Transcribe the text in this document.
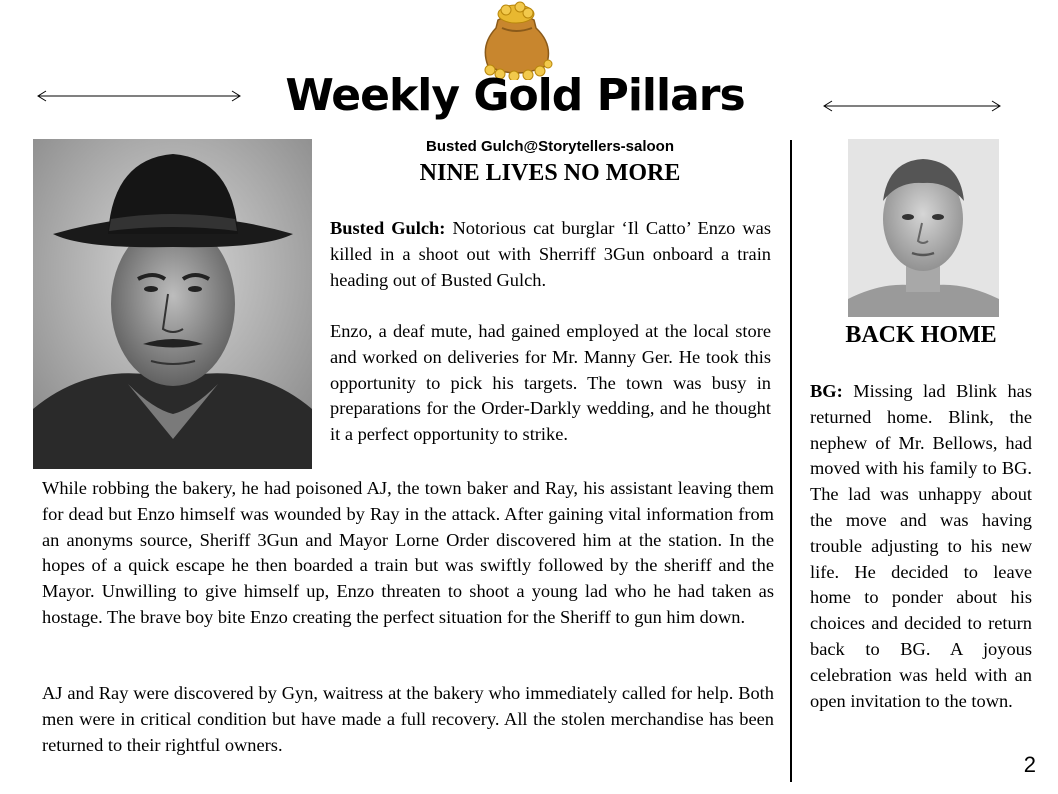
Weekly Gold Pillars
Busted Gulch@Storytellers-saloon
NINE LIVES NO MORE

Busted Gulch: Notorious cat burglar ‘Il Catto’ Enzo was killed in a shoot out with Sherriff 3Gun onboard a train heading out of Busted Gulch.

Enzo, a deaf mute, had gained employed at the local store and worked on deliveries for Mr. Manny Ger. He took this opportunity to pick his targets. The town was busy in preparations for the Order-Darkly wedding, and he thought it a perfect opportunity to strike.

While robbing the bakery, he had poisoned AJ, the town baker and Ray, his assistant leaving them for dead but Enzo himself was wounded by Ray in the attack. After gaining vital information from an anonyms source, Sheriff 3Gun and Mayor Lorne Order discovered him at the station. In the hopes of a quick escape he then boarded a train but was swiftly followed by the sheriff and the Mayor. Unwilling to give himself up, Enzo threaten to shoot a young lad who he had taken as hostage. The brave boy bite Enzo creating the perfect situation for the Sheriff to gun him down.

AJ and Ray were discovered by Gyn, waitress at the bakery who immediately called for help. Both men were in critical condition but have made a full recovery. All the stolen merchandise has been returned to their rightful owners.

BACK HOME

BG: Missing lad Blink has returned home. Blink, the nephew of Mr. Bellows, had moved with his family to BG. The lad was unhappy about the move and was having trouble adjusting to his new life. He decided to leave home to ponder about his choices and decided to return back to BG. A joyous celebration was held with an open invitation to the town.

2
